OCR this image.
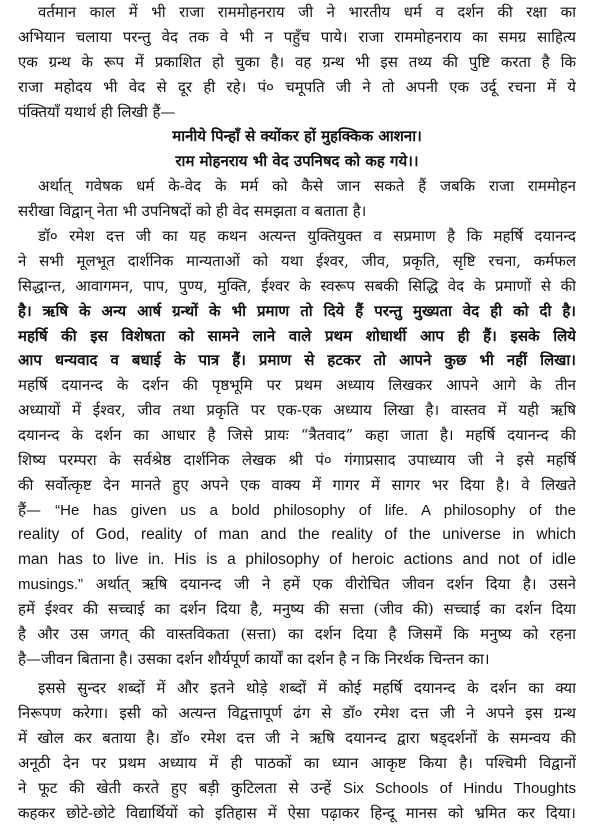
वर्तमान काल में भी राजा राममोहनराय जी ने भारतीय धर्म व दर्शन की रक्षा का
अभियान चलाया परन्तु वेद तक वे भी न पहुँच पाये। राजा राममोहनराय का समग्र साहित्य
एक ग्रन्थ के रूप में प्रकाशित हो चुका है। वह ग्रन्थ भी इस तथ्य की पुष्टि करता है कि
राजा महोदय भी वेद से दूर ही रहे। पं० चमूपति जी ने तो अपनी एक उर्दू रचना में ये
पंक्तियाँ यथार्थ ही लिखी हैं—
मानीये पिन्हाँ से क्योंकर हों मुहक्किक आशना।
राम मोहनराय भी वेद उपनिषद को कह गये।।
अर्थात् गवेषक धर्म के-वेद के मर्म को कैसे जान सकते हैं जबकि राजा राममोहन
सरीखा विद्वान् नेता भी उपनिषदों को ही वेद समझता व बताता है।
डॉ० रमेश दत्त जी का यह कथन अत्यन्त युक्तियुक्त व सप्रमाण है कि महर्षि दयानन्द
ने सभी मूलभूत दार्शनिक मान्यताओं को यथा ईश्वर, जीव, प्रकृति, सृष्टि रचना, कर्मफल
सिद्धान्त, आवागमन, पाप, पुण्य, मुक्ति, ईश्वर के स्वरूप सबकी सिद्धि वेद के प्रमाणों से की
है। ऋषि के अन्य आर्ष ग्रन्थों के भी प्रमाण तो दिये हैं परन्तु मुख्यता वेद ही को दी है।
महर्षि की इस विशेषता को सामने लाने वाले प्रथम शोधार्थी आप ही हैं। इसके लिये
आप धन्यवाद व बधाई के पात्र हैं। प्रमाण से हटकर तो आपने कुछ भी नहीं लिखा।
महर्षि दयानन्द के दर्शन की पृष्ठभूमि पर प्रथम अध्याय लिखकर आपने आगे के तीन
अध्यायों में ईश्वर, जीव तथा प्रकृति पर एक-एक अध्याय लिखा है। वास्तव में यही ऋषि
दयानन्द के दर्शन का आधार है जिसे प्रायः “त्रैतवाद” कहा जाता है। महर्षि दयानन्द की
शिष्य परम्परा के सर्वश्रेष्ठ दार्शनिक लेखक श्री पं० गंगाप्रसाद उपाध्याय जी ने इसे महर्षि
की सर्वोत्कृष्ट देन मानते हुए अपने एक वाक्य में गागर में सागर भर दिया है। वे लिखते
हैं— “He has given us a bold philosophy of life. A philosophy of the
reality of God, reality of man and the reality of the universe in which
man has to live in. His is a philosophy of heroic actions and not of idle
musings.” अर्थात् ऋषि दयानन्द जी ने हमें एक वीरोचित जीवन दर्शन दिया है। उसने
हमें ईश्वर की सच्चाई का दर्शन दिया है, मनुष्य की सत्ता (जीव की) सच्चाई का दर्शन दिया
है और उस जगत् की वास्तविकता (सत्ता) का दर्शन दिया है जिसमें कि मनुष्य को रहना
है—जीवन बिताना है। उसका दर्शन शौर्यपूर्ण कार्यों का दर्शन है न कि निरर्थक चिन्तन का।
इससे सुन्दर शब्दों में और इतने थोड़े शब्दों में कोई महर्षि दयानन्द के दर्शन का क्या
निरूपण करेगा। इसी को अत्यन्त विद्वत्तापूर्ण ढंग से डॉ० रमेश दत्त जी ने अपने इस ग्रन्थ
में खोल कर बताया है। डॉ० रमेश दत्त जी ने ऋषि दयानन्द द्वारा षड्दर्शनों के समन्वय की
अनूठी देन पर प्रथम अध्याय में ही पाठकों का ध्यान आकृष्ट किया है। पश्चिमी विद्वानों
ने फूट की खेती करते हुए बड़ी कुटिलता से उन्हें Six Schools of Hindu Thoughts
कहकर छोटे-छोटे विद्यार्थियों को इतिहास में ऐसा पढ़ाकर हिन्दू मानस को भ्रमित कर दिया।
